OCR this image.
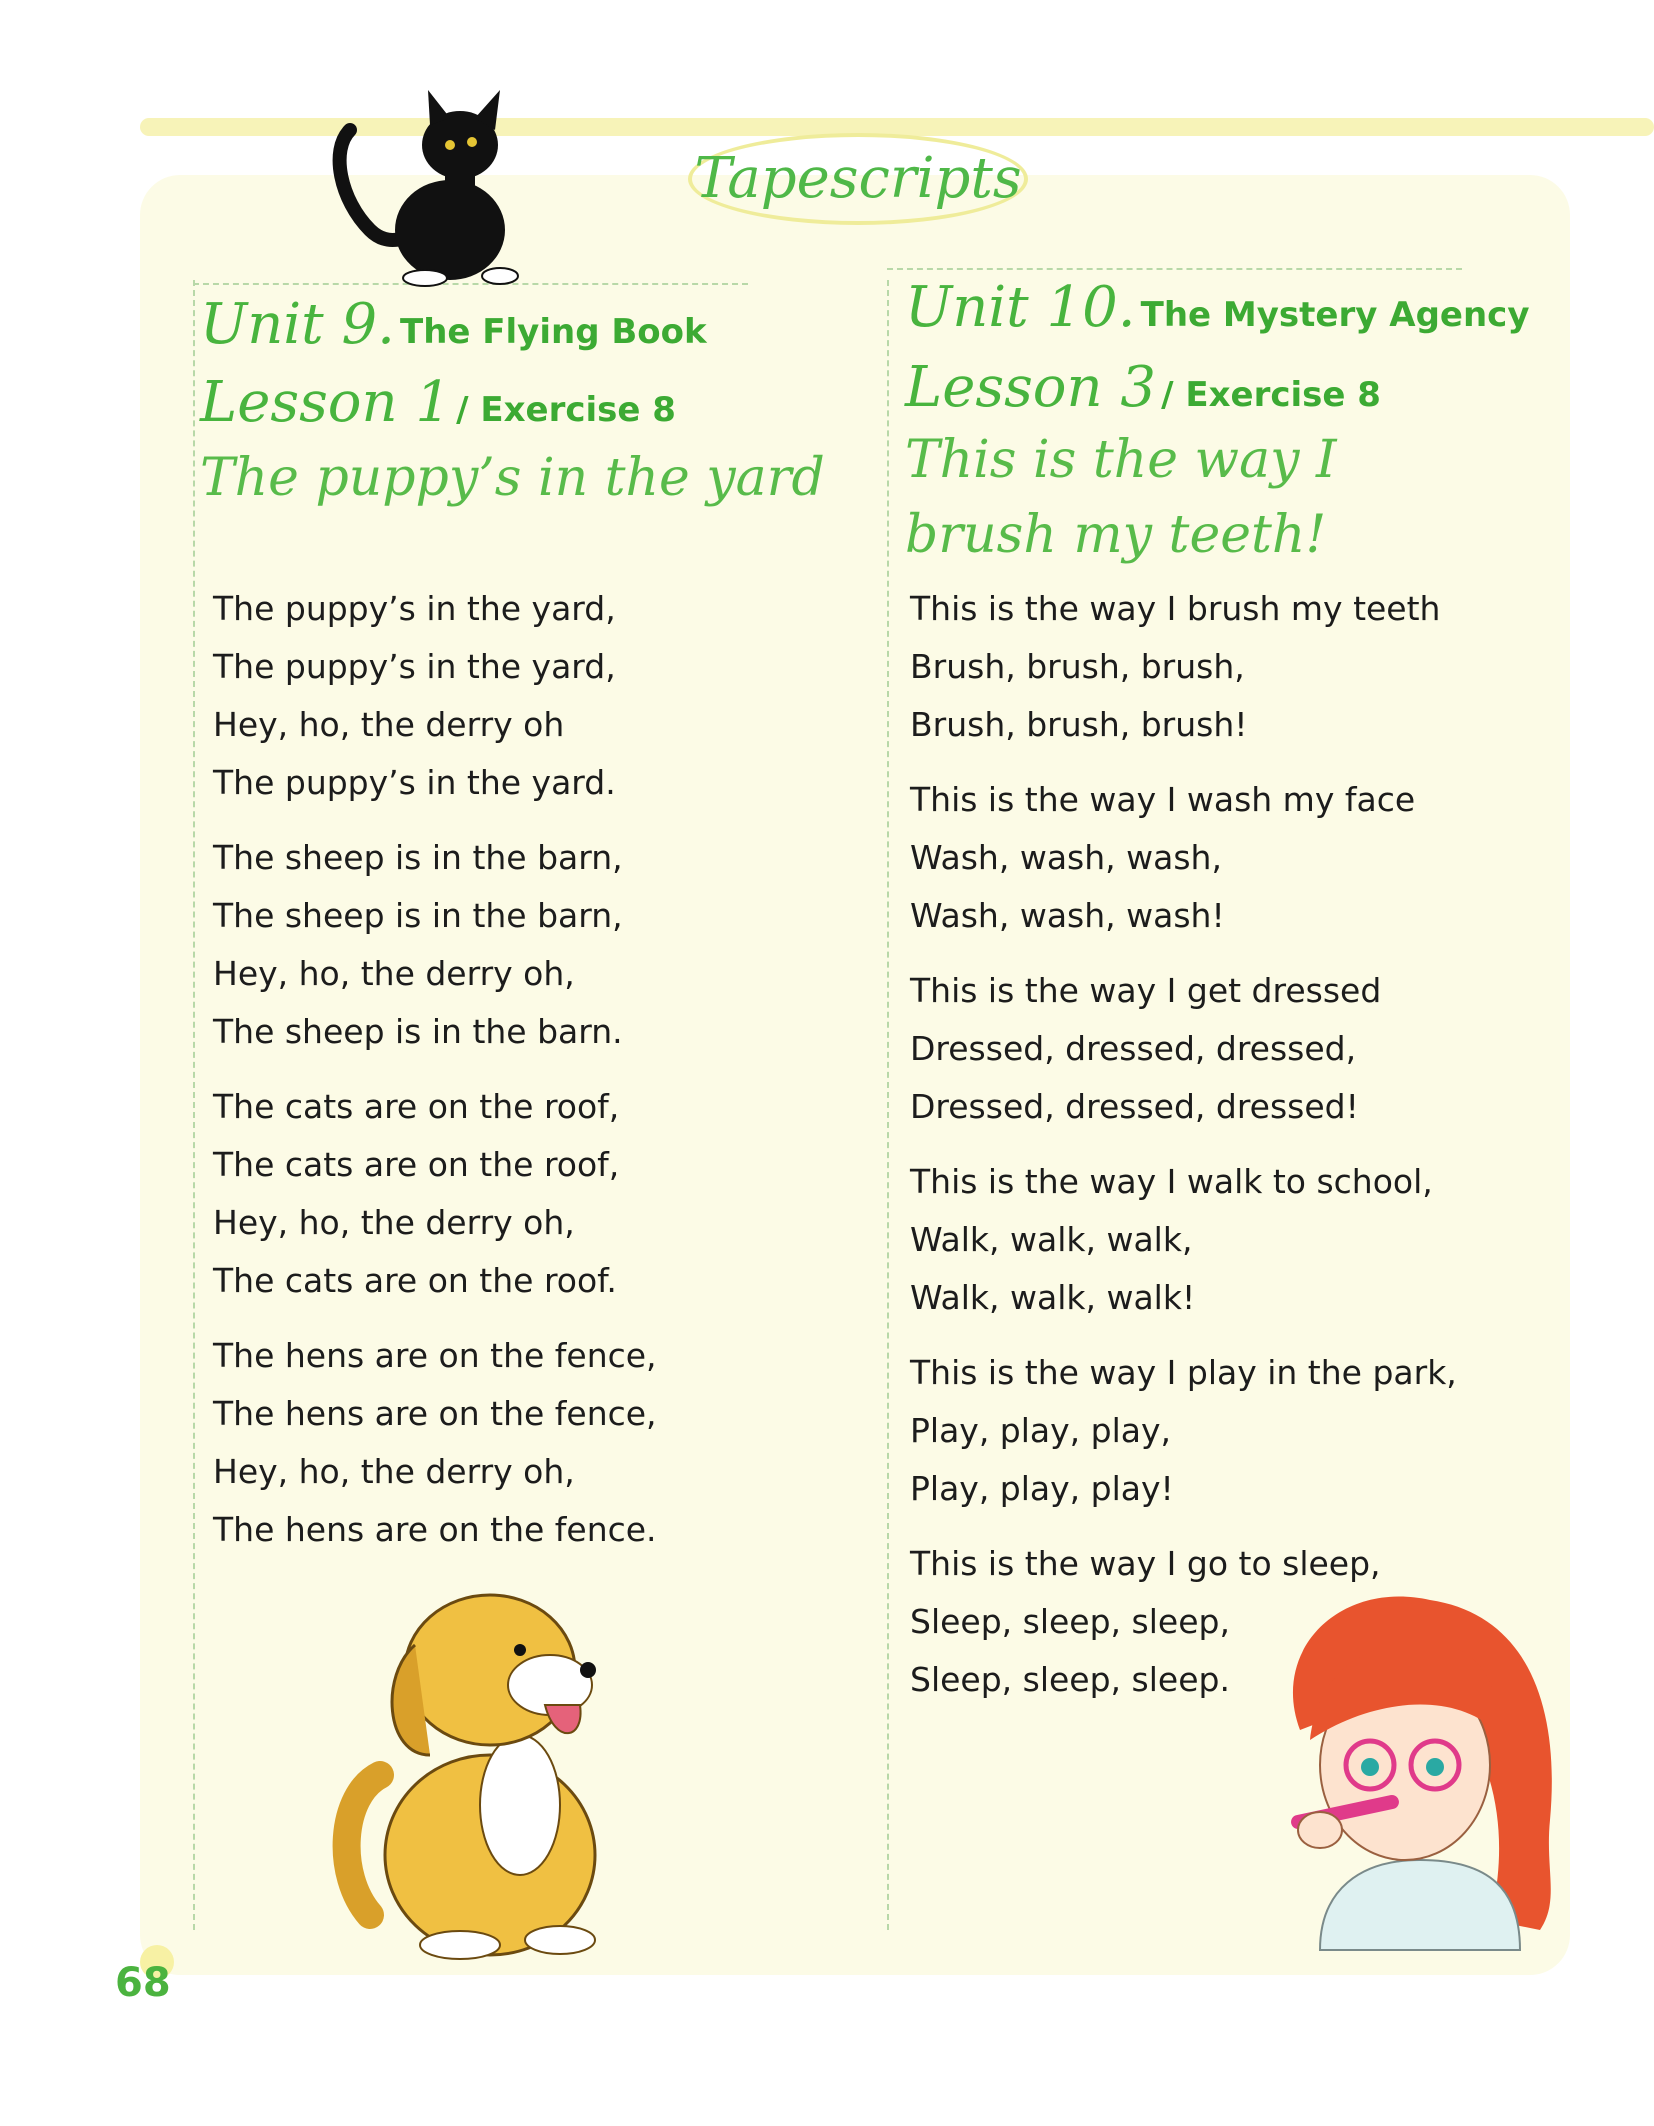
Tapescripts
Unit 9. The Flying Book
Lesson 1 / Exercise 8
The puppy’s in the yard
The puppy’s in the yard,
The puppy’s in the yard,
Hey, ho, the derry oh
The puppy’s in the yard.
The sheep is in the barn,
The sheep is in the barn,
Hey, ho, the derry oh,
The sheep is in the barn.
The cats are on the roof,
The cats are on the roof,
Hey, ho, the derry oh,
The cats are on the roof.
The hens are on the fence,
The hens are on the fence,
Hey, ho, the derry oh,
The hens are on the fence.
Unit 10. The Mystery Agency
Lesson 3 / Exercise 8
This is the way I
brush my teeth!
This is the way I brush my teeth
Brush, brush, brush,
Brush, brush, brush!
This is the way I wash my face
Wash, wash, wash,
Wash, wash, wash!
This is the way I get dressed
Dressed, dressed, dressed,
Dressed, dressed, dressed!
This is the way I walk to school,
Walk, walk, walk,
Walk, walk, walk!
This is the way I play in the park,
Play, play, play,
Play, play, play!
This is the way I go to sleep,
Sleep, sleep, sleep,
Sleep, sleep, sleep.
68
